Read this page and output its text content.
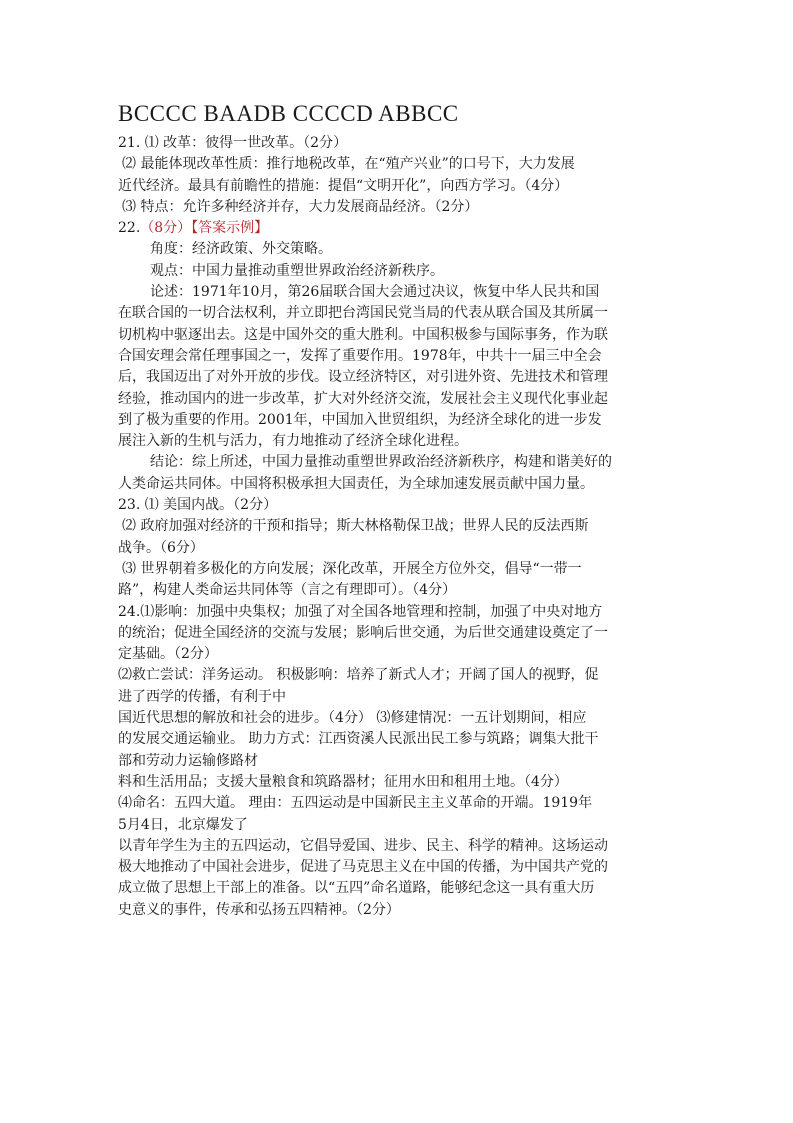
BCCCC BAADB CCCCD ABBCC
21. ⑴ 改革：彼得一世改革。（2分）
⑵ 最能体现改革性质：推行地税改革，在“殖产兴业”的口号下，大力发展
近代经济。最具有前瞻性的措施：提倡“文明开化”，向西方学习。（4分）
⑶ 特点：允许多种经济并存，大力发展商品经济。（2分）
22.（8分）【答案示例】
角度：经济政策、外交策略。
观点：中国力量推动重塑世界政治经济新秩序。
论述：1971年10月，第26届联合国大会通过决议，恢复中华人民共和国
在联合国的一切合法权利，并立即把台湾国民党当局的代表从联合国及其所属一
切机构中驱逐出去。这是中国外交的重大胜利。中国积极参与国际事务，作为联
合国安理会常任理事国之一，发挥了重要作用。1978年，中共十一届三中全会
后，我国迈出了对外开放的步伐。设立经济特区，对引进外资、先进技术和管理
经验，推动国内的进一步改革，扩大对外经济交流，发展社会主义现代化事业起
到了极为重要的作用。2001年，中国加入世贸组织，为经济全球化的进一步发
展注入新的生机与活力，有力地推动了经济全球化进程。
结论：综上所述，中国力量推动重塑世界政治经济新秩序，构建和谐美好的
人类命运共同体。中国将积极承担大国责任，为全球加速发展贡献中国力量。
23. ⑴ 美国内战。（2分）
⑵ 政府加强对经济的干预和指导；斯大林格勒保卫战；世界人民的反法西斯
战争。（6分）
⑶ 世界朝着多极化的方向发展；深化改革，开展全方位外交，倡导“一带一
路”，构建人类命运共同体等（言之有理即可）。（4分）
24.⑴影响：加强中央集权；加强了对全国各地管理和控制，加强了中央对地方
的统治；促进全国经济的交流与发展；影响后世交通，为后世交通建设奠定了一
定基础。（2分）
⑵救亡尝试：洋务运动。 积极影响：培养了新式人才；开阔了国人的视野，促
进了西学的传播，有利于中
国近代思想的解放和社会的进步。（4分） ⑶修建情况：一五计划期间，相应
的发展交通运输业。 助力方式：江西资溪人民派出民工参与筑路；调集大批干
部和劳动力运输修路材
料和生活用品；支援大量粮食和筑路器材；征用水田和租用土地。（4分）
⑷命名：五四大道。 理由：五四运动是中国新民主主义革命的开端。1919年
5月4日，北京爆发了
以青年学生为主的五四运动，它倡导爱国、进步、民主、科学的精神。这场运动
极大地推动了中国社会进步，促进了马克思主义在中国的传播，为中国共产党的
成立做了思想上干部上的准备。以“五四”命名道路，能够纪念这一具有重大历
史意义的事件，传承和弘扬五四精神。（2分）
